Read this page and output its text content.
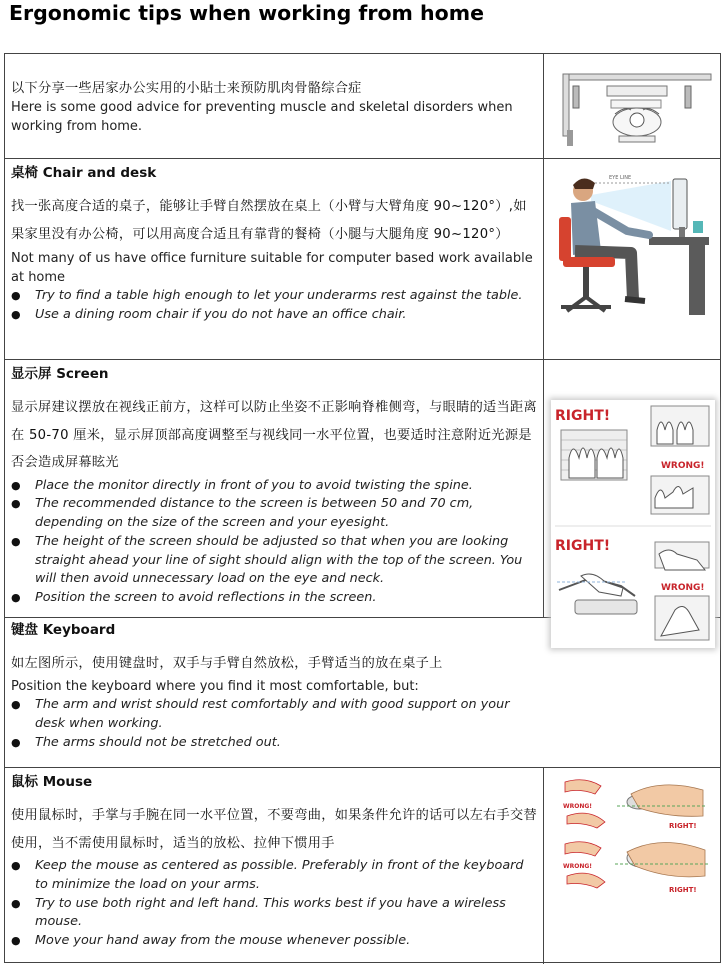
Ergonomic tips when working from home
以下分享一些居家办公实用的小貼士来预防肌肉骨骼综合症
Here is some good advice for preventing muscle and skeletal disorders when working from home.
桌椅 Chair and desk
找一张高度合适的桌子，能够让手臂自然摆放在桌上（小臂与大臂角度 90~120°）,如果家里没有办公椅，可以用高度合适且有靠背的餐椅（小腿与大腿角度 90~120°）
Not many of us have office furniture suitable for computer based work available at home
● Try to find a table high enough to let your underarms rest against the table.
● Use a dining room chair if you do not have an office chair.
EYE LINE
显示屏 Screen
显示屏建议摆放在视线正前方，这样可以防止坐姿不正影响脊椎侧弯，与眼睛的适当距离在 50-70 厘米，显示屏顶部高度调整至与视线同一水平位置，也要适时注意附近光源是否会造成屏幕眩光
● Place the monitor directly in front of you to avoid twisting the spine.
● The recommended distance to the screen is between 50 and 70 cm, depending on the size of the screen and your eyesight.
● The height of the screen should be adjusted so that when you are looking straight ahead your line of sight should align with the top of the screen. You will then avoid unnecessary load on the eye and neck.
● Position the screen to avoid reflections in the screen.
键盘 Keyboard
如左图所示，使用键盘时，双手与手臂自然放松，手臂适当的放在桌子上
Position the keyboard where you find it most comfortable, but:
● The arm and wrist should rest comfortably and with good support on your desk when working.
● The arms should not be stretched out.
RIGHT!
WRONG!
RIGHT!
WRONG!
鼠标 Mouse
使用鼠标时，手掌与手腕在同一水平位置，不要弯曲，如果条件允许的话可以左右手交替使用，当不需使用鼠标时，适当的放松、拉伸下惯用手
● Keep the mouse as centered as possible. Preferably in front of the keyboard to minimize the load on your arms.
● Try to use both right and left hand. This works best if you have a wireless mouse.
● Move your hand away from the mouse whenever possible.
WRONG!
RIGHT!
WRONG!
RIGHT!
